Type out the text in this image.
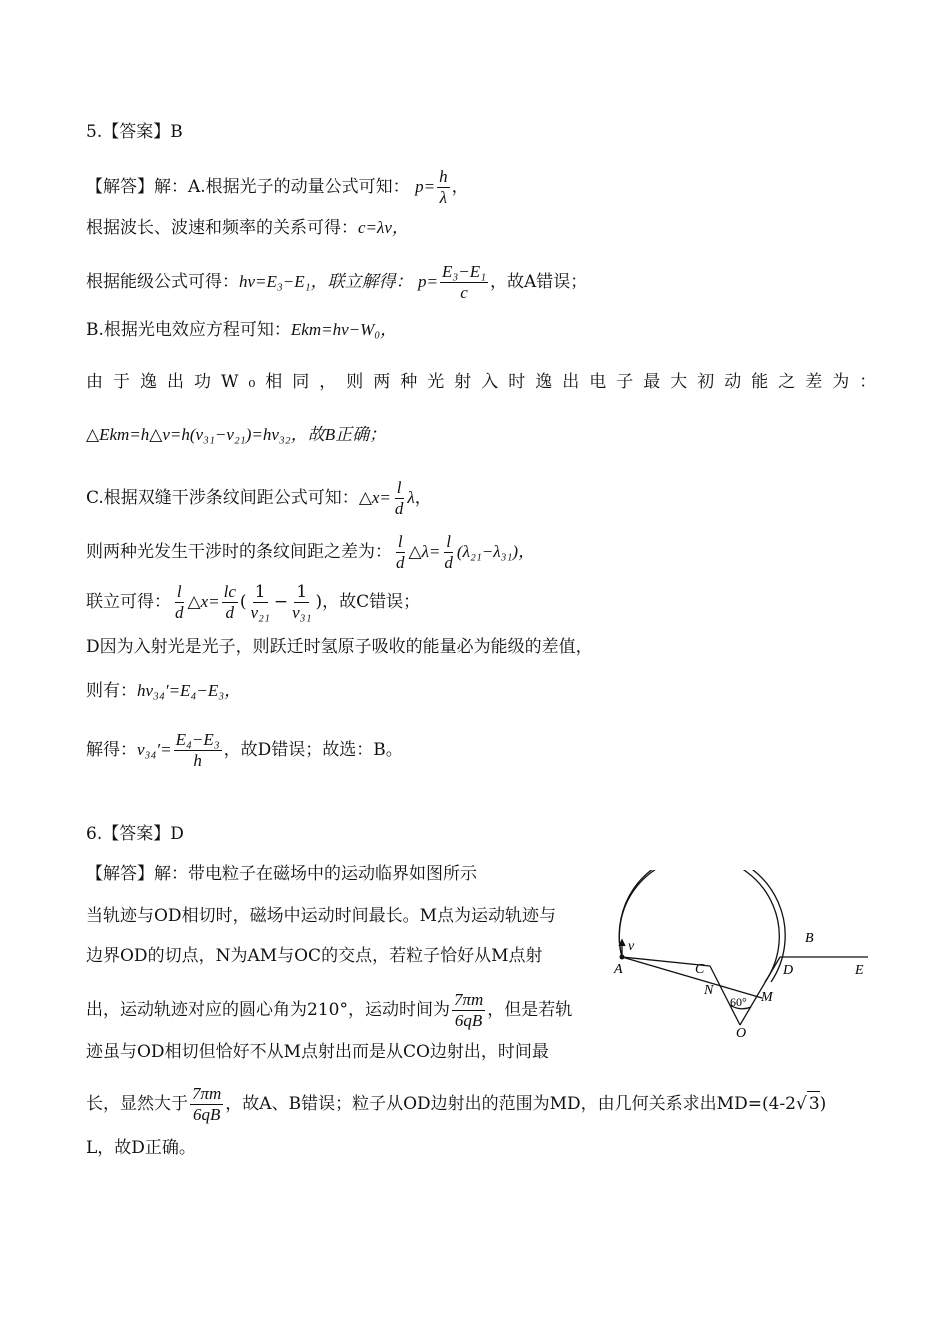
5.【答案】B
【解答】解：A.根据光子的动量公式可知： $p= \frac{h}{\lambda}$ ，
根据波长、波速和频率的关系可得：c=λν，
根据能级公式可得：hν=E₃−E₁，联立解得： $p= \frac{\text{E₃−E₁}}{c}$ ，故A错误；
B.根据光电效应方程可知：Ekm=hν−W₀，
由于逸出功W₀相同，则两种光射入时逸出电子最大初动能之差为：
△Ekm=h△ν=h(ν₃₁−ν₂₁)=hν₃₂，故B正确；
C.根据双缝干涉条纹间距公式可知：△x= $\frac{l}{d}$ λ，
则两种光发生干涉时的条纹间距之差为： $\frac{l}{d}$ △λ= $\frac{l}{d} (\lambda_{21}-\lambda_{31})$，
联立可得： $\frac{l}{d}$ △x= $\frac{lc}{d}$ ( $\frac{1}{\text{ν₂₁}} - \frac{1}{\text{ν₃₁}}$ )，故C错误；
D因为入射光是光子，则跃迁时氢原子吸收的能量必为能级的差值，
则有：hν₃₄′=E₄−E₃，
解得：$\nu_{34}'= \frac{\text{E₄−E₃}}{h}$ ，故D错误；故选：B。
6.【答案】D
【解答】解：带电粒子在磁场中的运动临界如图所示
当轨迹与OD相切时，磁场中运动时间最长。M点为运动轨迹与
边界OD的切点，N为AM与OC的交点，若粒子恰好从M点射
出，运动轨迹对应的圆心角为210°，运动时间为 $\frac{7\pi m}{6qB}$ ，但是若轨
迹虽与OD相切但恰好不从M点射出而是从CO边射出，时间最
长，显然大于 $\frac{7\pi m}{6qB}$ ，故A、B错误；粒子从OD边射出的范围为MD，由几何关系求出MD=(4-2√ 3)
L，故D正确。
A
v
B
C	D	E
N	M
O
60°
